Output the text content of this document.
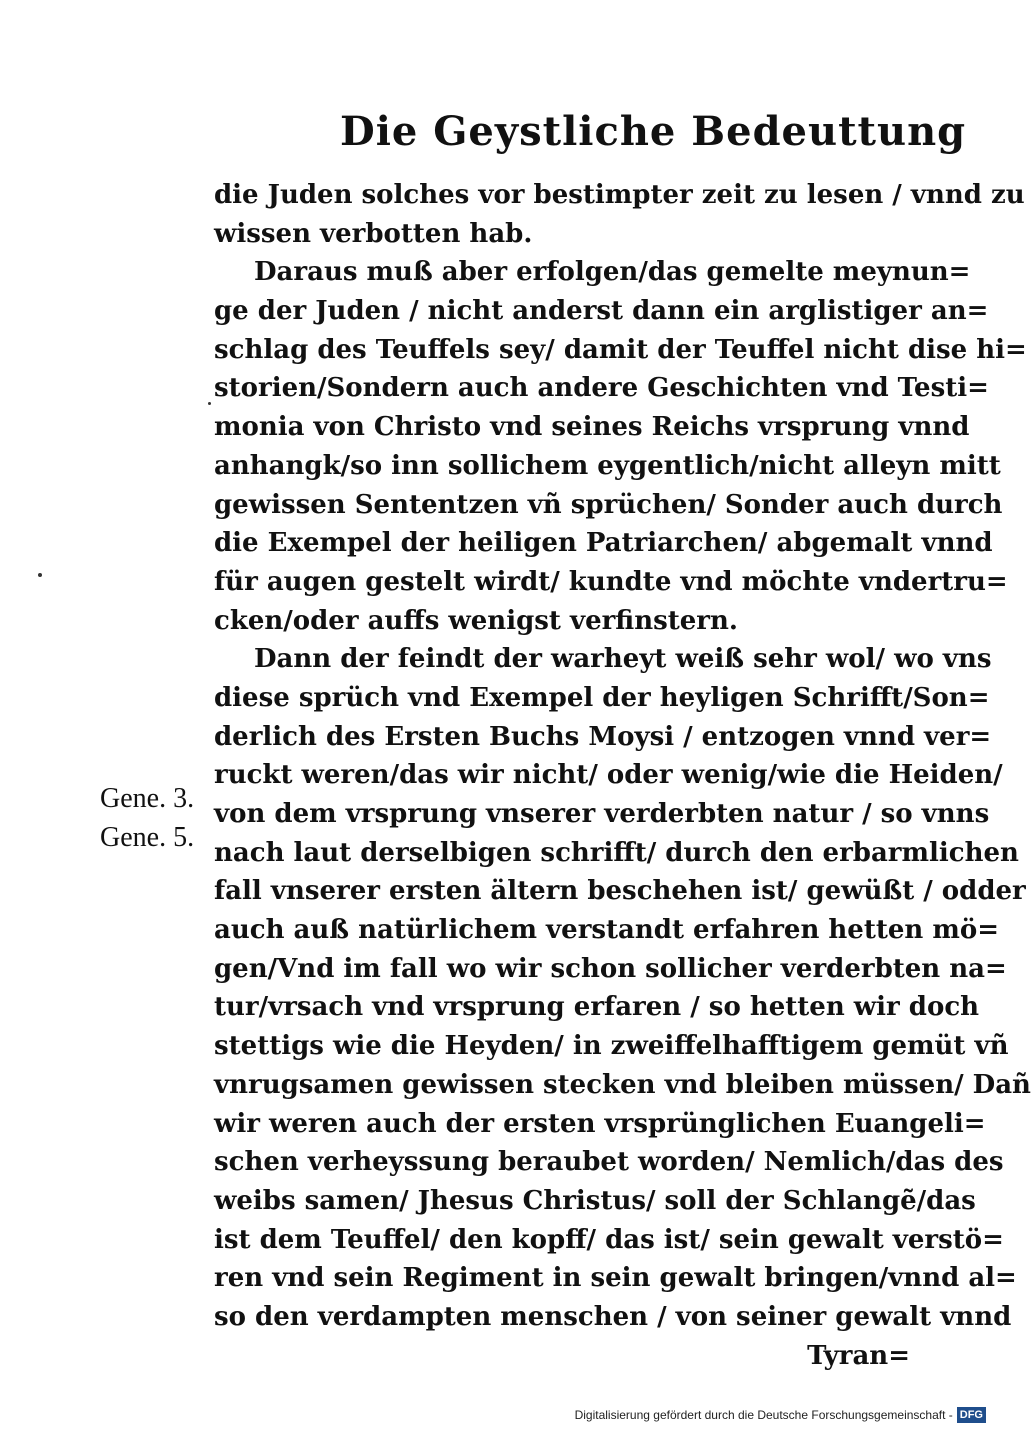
Die Geystliche Bedeuttung
die Juden solches vor bestimpter zeit zu lesen / vnnd zu
wissen verbotten hab.
Daraus muß aber erfolgen/das gemelte meynun=
ge der Juden / nicht anderst dann ein arglistiger an=
schlag des Teuffels sey/ damit der Teuffel nicht dise hi=
storien/Sondern auch andere Geschichten vnd Testi=
monia von Christo vnd seines Reichs vrsprung vnnd
anhangk/so inn sollichem eygentlich/nicht alleyn mitt
gewissen Sententzen vñ sprüchen/ Sonder auch durch
die Exempel der heiligen Patriarchen/ abgemalt vnnd
für augen gestelt wirdt/ kundte vnd möchte vndertru=
cken/oder auffs wenigst verfinstern.
Dann der feindt der warheyt weiß sehr wol/ wo vns
diese sprüch vnd Exempel der heyligen Schrifft/Son=
derlich des Ersten Buchs Moysi / entzogen vnnd ver=
ruckt weren/das wir nicht/ oder wenig/wie die Heiden/
von dem vrsprung vnserer verderbten natur / so vnns
nach laut derselbigen schrifft/ durch den erbarmlichen
fall vnserer ersten ältern beschehen ist/ gewüßt / odder
auch auß natürlichem verstandt erfahren hetten mö=
gen/Vnd im fall wo wir schon sollicher verderbten na=
tur/vrsach vnd vrsprung erfaren / so hetten wir doch
stettigs wie die Heyden/ in zweiffelhafftigem gemüt vñ
vnrugsamen gewissen stecken vnd bleiben müssen/ Dañ
wir weren auch der ersten vrsprünglichen Euangeli=
schen verheyssung beraubet worden/ Nemlich/das des
weibs samen/ Jhesus Christus/ soll der Schlangẽ/das
ist dem Teuffel/ den kopff/ das ist/ sein gewalt verstö=
ren vnd sein Regiment in sein gewalt bringen/vnnd al=
so den verdampten menschen / von seiner gewalt vnnd
Tyran=
Gene. 3.
Gene. 5.
Digitalisierung gefördert durch die Deutsche Forschungsgemeinschaft - DFG
